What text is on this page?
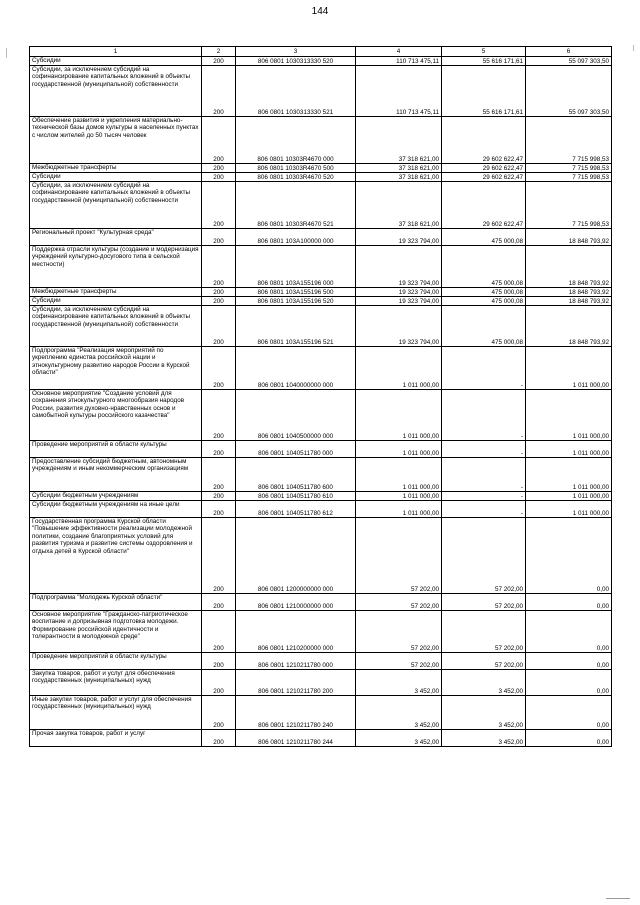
144
1	2	3	4	5	6
Субсидии	200	806 0801 1030313330 520	110 713 475,11	55 616 171,61	55 097 303,50
Субсидии, за исключением субсидий на софинансирование капитальных вложений в объекты государственной (муниципальной) собственности	200	806 0801 1030313330 521	110 713 475,11	55 616 171,61	55 097 303,50
Обеспечение развития и укрепления материально-технической базы домов культуры в населенных пунктах с числом жителей до 50 тысяч человек	200	806 0801 10303R4670 000	37 318 621,00	29 602 622,47	7 715 998,53
Межбюджетные трансферты	200	806 0801 10303R4670 500	37 318 621,00	29 602 622,47	7 715 998,53
Субсидии	200	806 0801 10303R4670 520	37 318 621,00	29 602 622,47	7 715 998,53
Субсидии, за исключением субсидий на софинансирование капитальных вложений в объекты государственной (муниципальной) собственности	200	806 0801 10303R4670 521	37 318 621,00	29 602 622,47	7 715 998,53
Региональный проект "Культурная среда"	200	806 0801 103A100000 000	19 323 794,00	475 000,08	18 848 793,92
Поддержка отрасли культуры (создание и модернизация учреждений культурно-досугового типа в сельской местности)	200	806 0801 103A155196 000	19 323 794,00	475 000,08	18 848 793,92
Межбюджетные трансферты	200	806 0801 103A155196 500	19 323 794,00	475 000,08	18 848 793,92
Субсидии	200	806 0801 103A155196 520	19 323 794,00	475 000,08	18 848 793,92
Субсидии, за исключением субсидий на софинансирование капитальных вложений в объекты государственной (муниципальной) собственности	200	806 0801 103A155196 521	19 323 794,00	475 000,08	18 848 793,92
Подпрограмма "Реализация мероприятий по укреплению единства российской нации и этнокультурному развитию народов России в Курской области"	200	806 0801 1040000000 000	1 011 000,00	-	1 011 000,00
Основное мероприятие "Создание условий для сохранения этнокультурного многообразия народов России, развития духовно-нравственных основ и самобытной культуры российского казачества"	200	806 0801 1040500000 000	1 011 000,00	-	1 011 000,00
Проведение мероприятий в области культуры	200	806 0801 1040511780 000	1 011 000,00	-	1 011 000,00
Предоставление субсидий бюджетным, автономным учреждениям и иным некоммерческим организациям	200	806 0801 1040511780 600	1 011 000,00	-	1 011 000,00
Субсидии бюджетным учреждениям	200	806 0801 1040511780 610	1 011 000,00	-	1 011 000,00
Субсидии бюджетным учреждениям на иные цели	200	806 0801 1040511780 612	1 011 000,00	-	1 011 000,00
Государственная программа Курской области "Повышение эффективности реализации молодежной политики, создание благоприятных условий для развития туризма и развитие системы оздоровления и отдыха детей в Курской области"	200	806 0801 1200000000 000	57 202,00	57 202,00	0,00
Подпрограмма "Молодежь Курской области"	200	806 0801 1210000000 000	57 202,00	57 202,00	0,00
Основное мероприятие "Гражданско-патриотическое воспитание и допризывная подготовка молодежи. Формирование российской идентичности и толерантности в молодежной среде"	200	806 0801 1210200000 000	57 202,00	57 202,00	0,00
Проведение мероприятий в области культуры	200	806 0801 1210211780 000	57 202,00	57 202,00	0,00
Закупка товаров, работ и услуг для обеспечения государственных (муниципальных) нужд	200	806 0801 1210211780 200	3 452,00	3 452,00	0,00
Иные закупки товаров, работ и услуг для обеспечения государственных (муниципальных) нужд	200	806 0801 1210211780 240	3 452,00	3 452,00	0,00
Прочая закупка товаров, работ и услуг	200	806 0801 1210211780 244	3 452,00	3 452,00	0,00
